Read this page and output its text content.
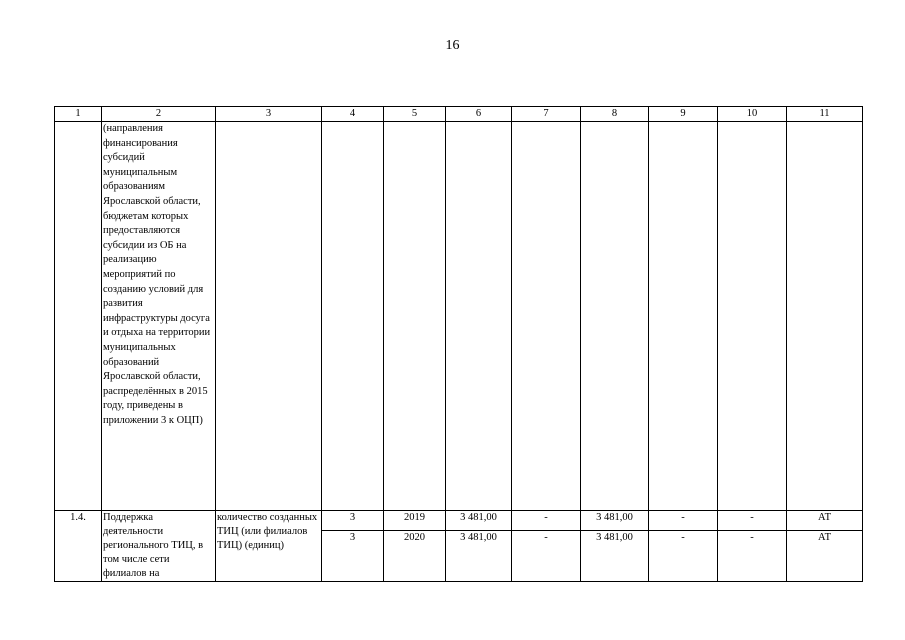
16
1	2	3	4	5	6	7	8	9	10	11
	(направления финансирования субсидий муниципальным образованиям Ярославской области, бюджетам которых предоставляются субсидии из ОБ на реализацию мероприятий по созданию условий для развития инфраструктуры досуга и отдыха на территории муниципальных образований Ярославской области, распределённых в 2015 году, приведены в приложении 3 к ОЦП)									
1.4.	Поддержка деятельности регионального ТИЦ, в том числе сети филиалов на	количество созданных ТИЦ (или филиалов ТИЦ) (единиц)	3	2019	3 481,00	-	3 481,00	-	-	АТ
			3	2020	3 481,00	-	3 481,00	-	-	АТ
